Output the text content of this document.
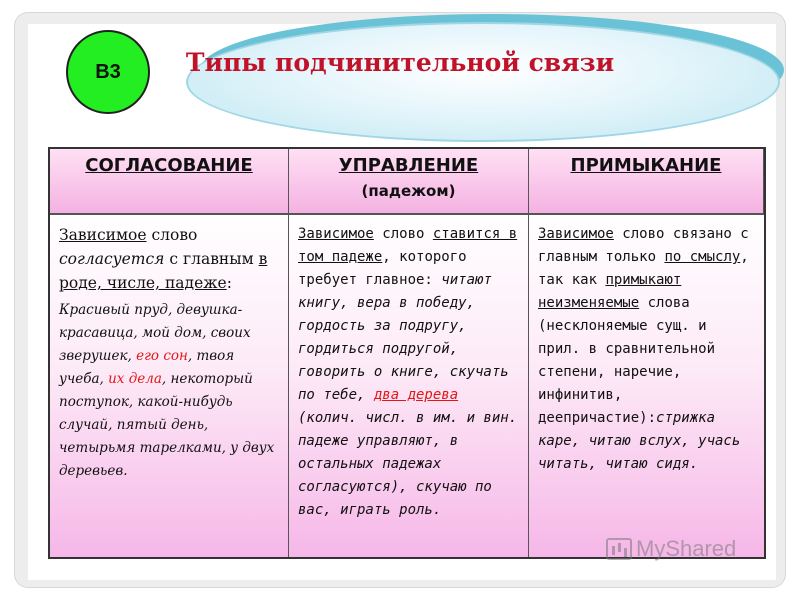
Типы подчинительной связи
В3
СОГЛАСОВАНИЕ	УПРАВЛЕНИЕ
(падежом)
ПРИМЫКАНИЕ
Зависимое слово согласуется с главным в роде, числе, падеже:
Красивый пруд, девушка-красавица, мой дом, своих зверушек, его сон, твоя учеба, их дела, некоторый поступок, какой-нибудь случай, пятый день, четырьмя тарелками, у двух деревьев.
Зависимое слово ставится в том падеже, которого требует главное: читают книгу, вера в победу, гордость за подругу, гордиться подругой, говорить о книге, скучать по тебе, два дерева (колич. числ. в им. и вин. падеже управляют, в остальных падежах согласуются), скучаю по вас, играть роль.
Зависимое слово связано с главным только по смыслу, так как примыкают неизменяемые слова (несклоняемые сущ. и прил. в сравнительной степени, наречие, инфинитив, деепричастие):стрижка каре, читаю вслух, учась читать, читаю сидя.
MyShared
